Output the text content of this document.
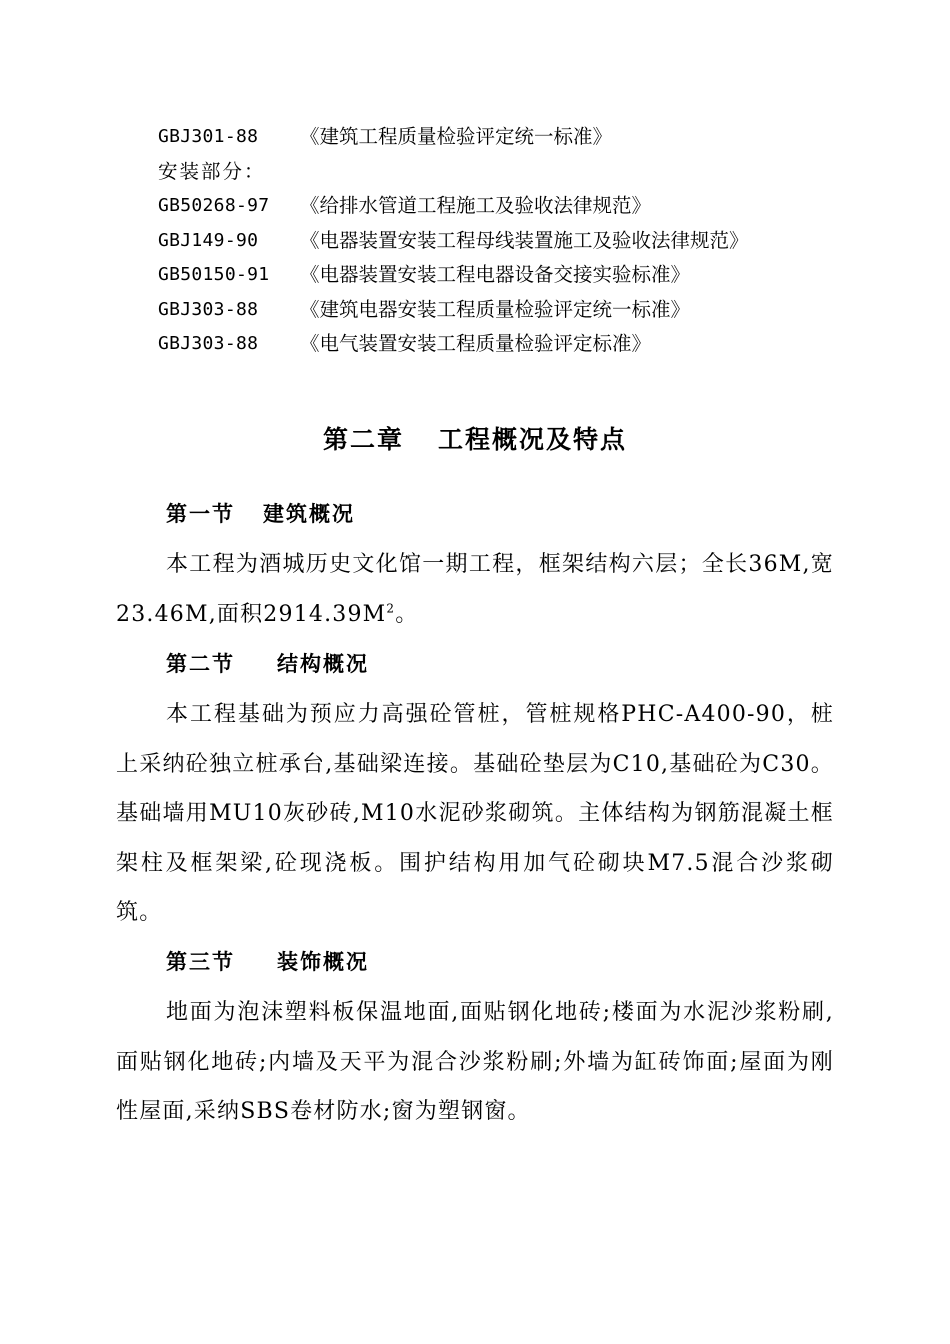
GBJ301-88 《建筑工程质量检验评定统一标准》
安装部分：
GB50268-97 《给排水管道工程施工及验收法律规范》
GBJ149-90 《电器装置安装工程母线装置施工及验收法律规范》
GB50150-91 《电器装置安装工程电器设备交接实验标准》
GBJ303-88 《建筑电器安装工程质量检验评定统一标准》
GBJ303-88 《电气装置安装工程质量检验评定标准》
第二章 工程概况及特点
第一节 建筑概况
本工程为酒城历史文化馆一期工程，框架结构六层；全长36M,宽23.46M,面积$2914.39M^2$。
第二节 结构概况
本工程基础为预应力高强砼管桩，管桩规格PHC-A400-90，桩上采纳砼独立桩承台,基础梁连接。基础砼垫层为C10,基础砼为C30。基础墙用MU10灰砂砖,M10水泥砂浆砌筑。主体结构为钢筋混凝土框架柱及框架梁,砼现浇板。围护结构用加气砼砌块M7.5混合沙浆砌筑。
第三节 装饰概况
地面为泡沫塑料板保温地面,面贴钢化地砖;楼面为水泥沙浆粉刷,面贴钢化地砖;内墙及天平为混合沙浆粉刷;外墙为缸砖饰面;屋面为刚性屋面,采纳SBS卷材防水;窗为塑钢窗。
